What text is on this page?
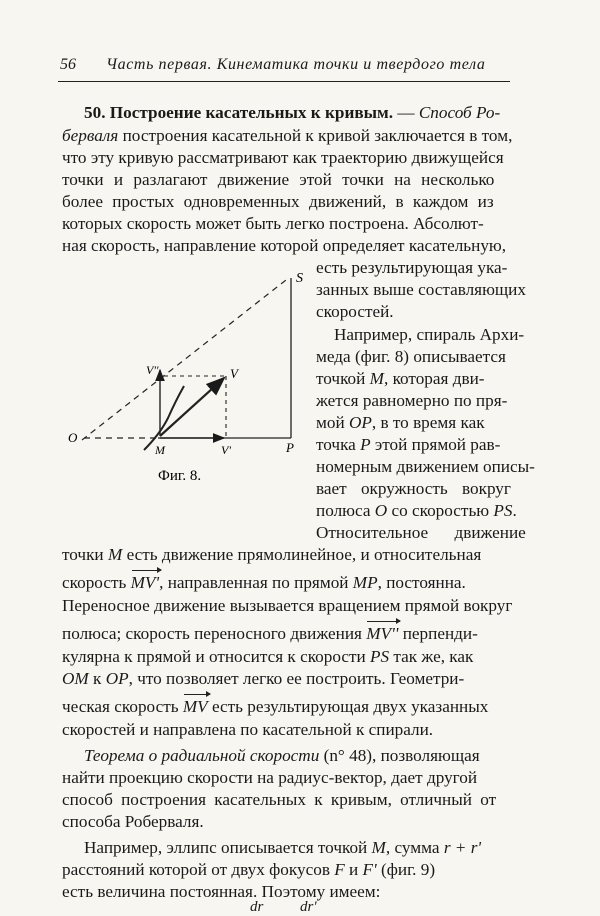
56 Часть первая. Кинематика точки и твердого тела
50. Построение касательных к кривым. — Способ Ро-
берваля построения касательной к кривой заключается в том,
что эту кривую рассматривают как траекторию движущейся
точки и разлагают движение этой точки на несколько
более простых одновременных движений, в каждом из
которых скорость может быть легко построена. Абсолют-
ная скорость, направление которой определяет касательную,
есть результирующая ука-
занных выше составляющих
скоростей.
Например, спираль Архи-
меда (фиг. 8) описывается
точкой M, которая дви-
жется равномерно по пря-
мой OP, в то время как
точка P этой прямой рав-
номерным движением описы-
вает окружность вокруг
полюса O со скоростью PS.
Относительное движение
точки M есть движение прямолинейное, и относительная
скорость MV', направленная по прямой MP, постоянна.
Переносное движение вызывается вращением прямой вокруг
полюса; скорость переносного движения MV'' перпенди-
кулярна к прямой и относится к скорости PS так же, как
OM к OP, что позволяет легко ее построить. Геометри-
ческая скорость MV есть результирующая двух указанных
скоростей и направлена по касательной к спирали.
Теорема о радиальной скорости (n° 48), позволяющая
найти проекцию скорости на радиус-вектор, дает другой
способ построения касательных к кривым, отличный от
способа Роберваля.
Например, эллипс описывается точкой M, сумма r + r'
расстояний которой от двух фокусов F и F' (фиг. 9)
есть величина постоянная. Поэтому имеем:
dr dr'
S
V''	V
O
M	V'	P
Фиг. 8.
